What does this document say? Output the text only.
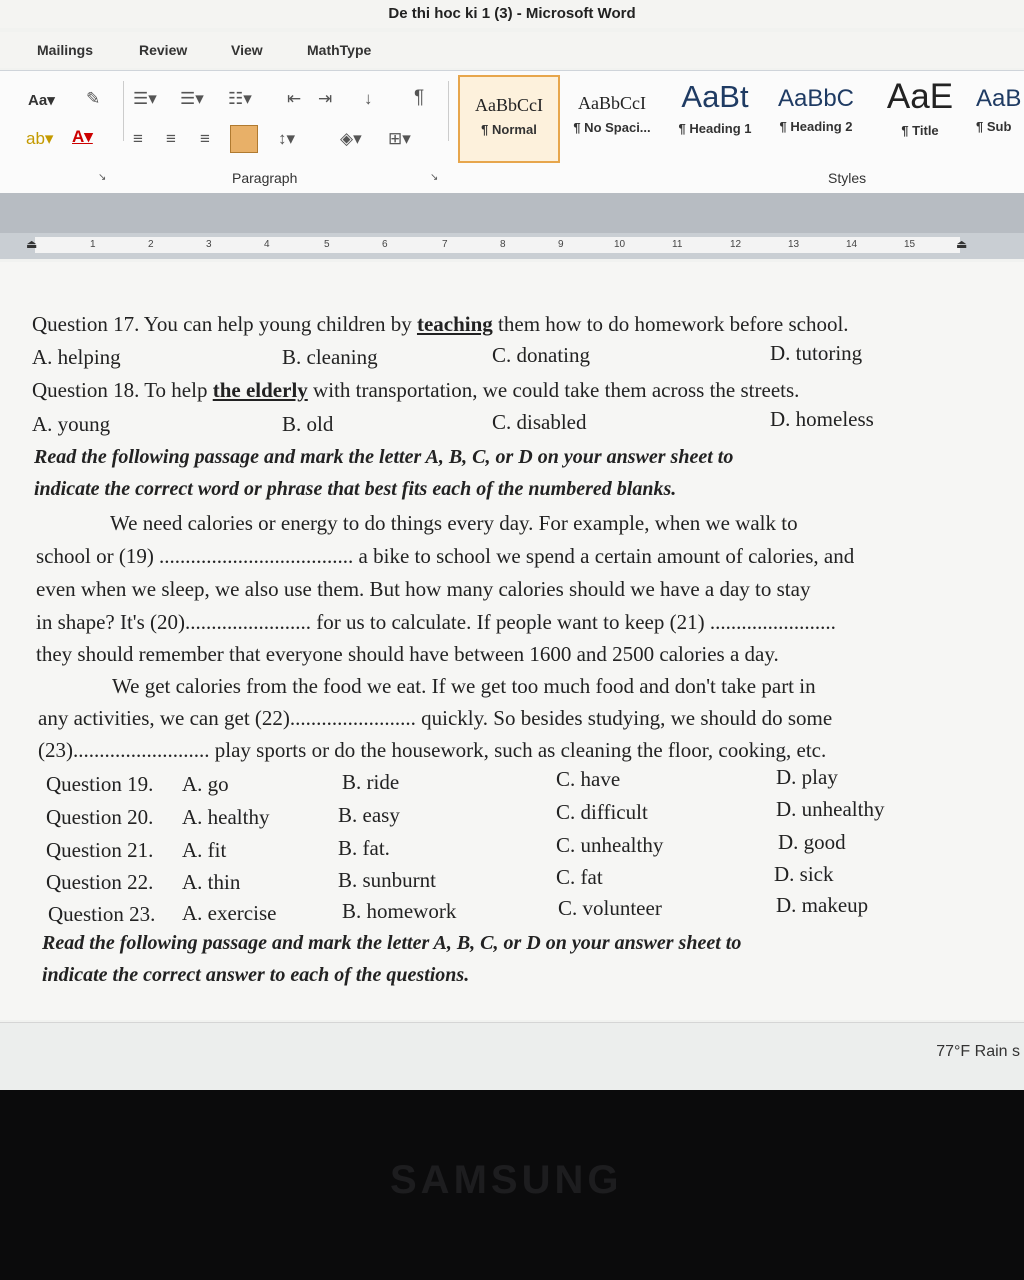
De thi hoc ki 1 (3) - Microsoft Word
Mailings	Review	View	MathType
Aa▾ ✎
ab▾ A▾
☰▾ ☰▾ ☷▾ ⇤ ⇥ ↓ ¶
≡ ≡ ≡	↕▾	◈▾ ⊞▾
Paragraph
↘	↘
AaBbCcI
¶ Normal
AaBbCcI
¶ No Spaci...
AaBt
¶ Heading 1
AaBbC
¶ Heading 2
AaE
¶ Title
AaB
¶ Sub
Styles
⏏	⏏
1	2	3	4	5	6	7	8	9	10	11	12	13	14	15
Question 17. You can help young children by teaching them how to do homework before school.
A. helping	B. cleaning	C. donating	D. tutoring
Question 18. To help the elderly with transportation, we could take them across the streets.
A. young	B. old	C. disabled	D. homeless
Read the following passage and mark the letter A, B, C, or D on your answer sheet to
indicate the correct word or phrase that best fits each of the numbered blanks.
We need calories or energy to do things every day. For example, when we walk to
school or (19) ..................................... a bike to school we spend a certain amount of calories, and
even when we sleep, we also use them. But how many calories should we have a day to stay
in shape? It's (20)........................ for us to calculate. If people want to keep (21) ........................
they should remember that everyone should have between 1600 and 2500 calories a day.
We get calories from the food we eat. If we get too much food and don't take part in
any activities, we can get (22)........................ quickly. So besides studying, we should do some
(23).......................... play sports or do the housework, such as cleaning the floor, cooking, etc.
Question 19. A. go	B. ride	C. have	D. play
Question 20. A. healthy	B. easy	C. difficult	D. unhealthy
Question 21. A. fit	B. fat.	C. unhealthy	D. good
Question 22. A. thin	B. sunburnt	C. fat	D. sick
Question 23. A. exercise	B. homework	C. volunteer	D. makeup
Read the following passage and mark the letter A, B, C, or D on your answer sheet to
indicate the correct answer to each of the questions.
77°F Rain s
SAMSUNG
